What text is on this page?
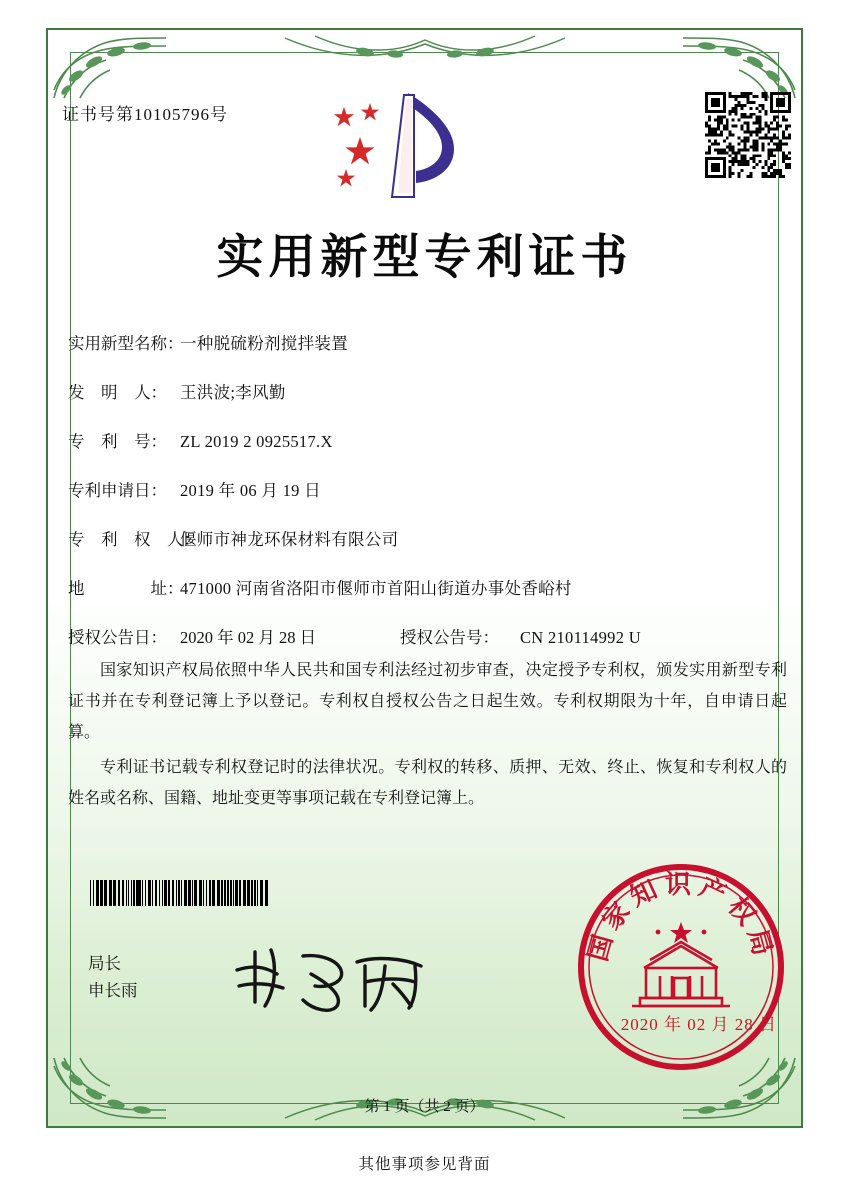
证书号第10105796号
实用新型专利证书
实用新型名称：
一种脱硫粉剂搅拌装置
发　明　人： 王洪波;李风勤
专　利　号： ZL 2019 2 0925517.X
专利申请日： 2019 年 06 月 19 日
专　利　权　人：
偃师市神龙环保材料有限公司
地　　　　址：
471000 河南省洛阳市偃师市首阳山街道办事处香峪村
授权公告日： 2020 年 02 月 28 日	授权公告号：	CN 210114992 U

国家知识产权局依照中华人民共和国专利法经过初步审查，决定授予专利权，颁发实用新型专利证书并在专利登记簿上予以登记。专利权自授权公告之日起生效。专利权期限为十年，自申请日起算。

专利证书记载专利权登记时的法律状况。专利权的转移、质押、无效、终止、恢复和专利权人的姓名或名称、国籍、地址变更等事项记载在专利登记簿上。

局长
申长雨
国家知识产权局
2020 年 02 月 28 日
第 1 页（共 2 页）
其他事项参见背面
